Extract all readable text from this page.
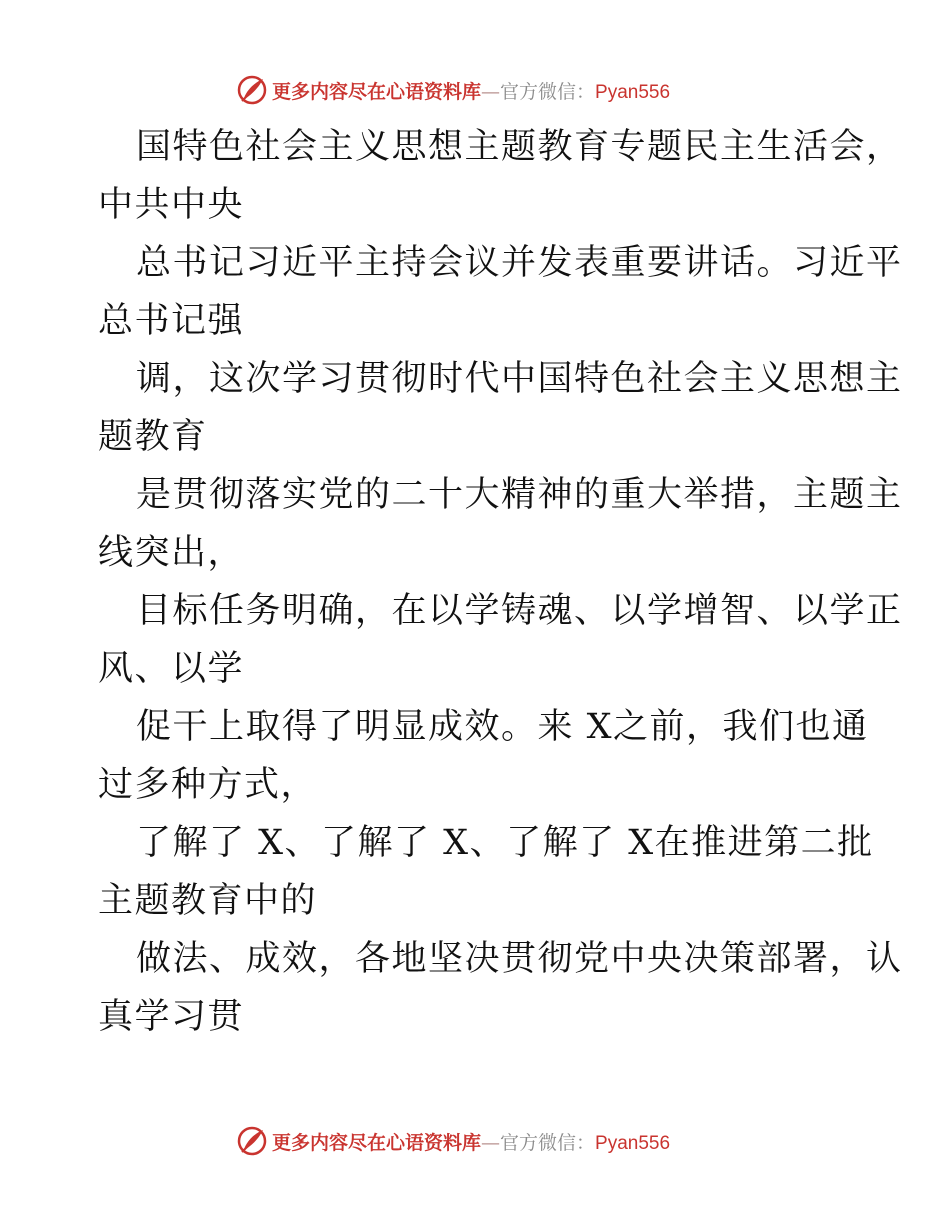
更多内容尽在心语资料库—官方微信：Pyan556
国特色社会主义思想主题教育专题民主生活会，
中共中央
总书记习近平主持会议并发表重要讲话。习近平
总书记强
调，这次学习贯彻时代中国特色社会主义思想主
题教育
是贯彻落实党的二十大精神的重大举措，主题主
线突出，
目标任务明确，在以学铸魂、以学增智、以学正
风、以学
促干上取得了明显成效。来 X之前，我们也通
过多种方式，
了解了 X、了解了 X、了解了 X在推进第二批
主题教育中的
做法、成效，各地坚决贯彻党中央决策部署，认
真学习贯
更多内容尽在心语资料库—官方微信：Pyan556
